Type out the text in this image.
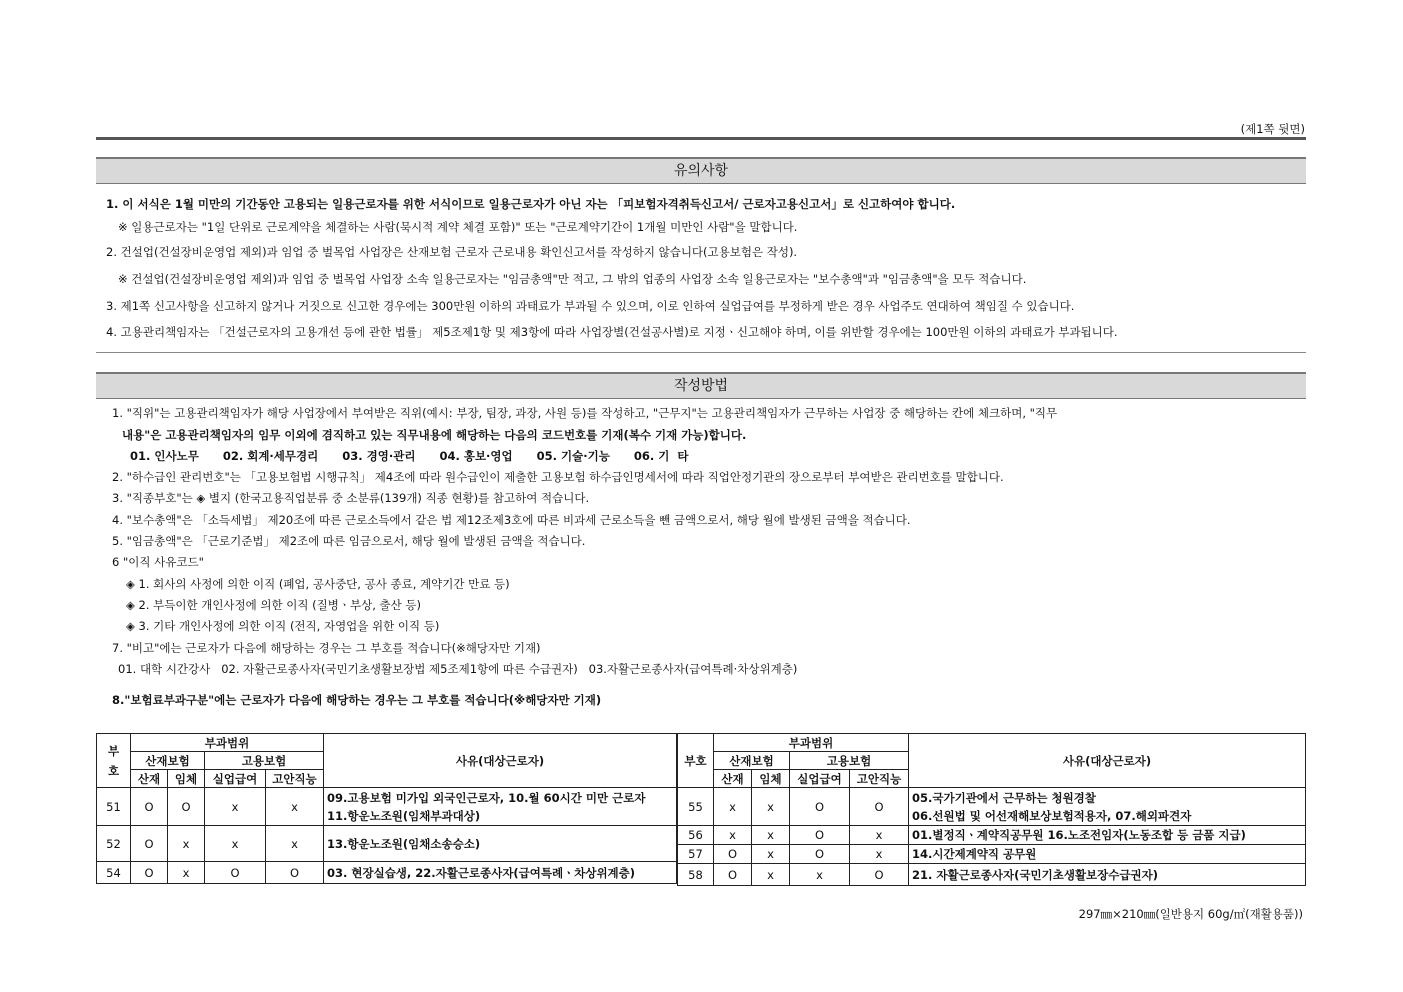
(제1쪽 뒷면)
유의사항
1. 이 서식은 1월 미만의 기간동안 고용되는 일용근로자를 위한 서식이므로 일용근로자가 아닌 자는 「피보험자격취득신고서/ 근로자고용신고서」로 신고하여야 합니다.
※ 일용근로자는 "1일 단위로 근로계약을 체결하는 사람(묵시적 계약 체결 포함)" 또는 "근로계약기간이 1개월 미만인 사람"을 말합니다.
2. 건설업(건설장비운영업 제외)과 임업 중 벌목업 사업장은 산재보험 근로자 근로내용 확인신고서를 작성하지 않습니다(고용보험은 작성).
※ 건설업(건설장비운영업 제외)과 임업 중 벌목업 사업장 소속 일용근로자는 "임금총액"만 적고, 그 밖의 업종의 사업장 소속 일용근로자는 "보수총액"과 "임금총액"을 모두 적습니다.
3. 제1쪽 신고사항을 신고하지 않거나 거짓으로 신고한 경우에는 300만원 이하의 과태료가 부과될 수 있으며, 이로 인하여 실업급여를 부정하게 받은 경우 사업주도 연대하여 책임질 수 있습니다.
4. 고용관리책임자는 「건설근로자의 고용개선 등에 관한 법률」 제5조제1항 및 제3항에 따라 사업장별(건설공사별)로 지정ㆍ신고해야 하며, 이를 위반할 경우에는 100만원 이하의 과태료가 부과됩니다.
작성방법
1. "직위"는 고용관리책임자가 해당 사업장에서 부여받은 직위(예시: 부장, 팀장, 과장, 사원 등)를 작성하고, "근무지"는 고용관리책임자가 근무하는 사업장 중 해당하는 칸에 체크하며, "직무
내용"은 고용관리책임자의 임무 이외에 겸직하고 있는 직무내용에 해당하는 다음의 코드번호를 기재(복수 기재 가능)합니다.
01. 인사노무      02. 회계·세무경리      03. 경영·관리      04. 홍보·영업      05. 기술·기능      06. 기  타
2. "하수급인 관리번호"는 「고용보험법 시행규칙」 제4조에 따라 원수급인이 제출한 고용보험 하수급인명세서에 따라 직업안정기관의 장으로부터 부여받은 관리번호를 말합니다.
3. "직종부호"는 ◈ 별지 (한국고용직업분류 중 소분류(139개) 직종 현황)를 참고하여 적습니다.
4. "보수총액"은 「소득세법」 제20조에 따른 근로소득에서 같은 법 제12조제3호에 따른 비과세 근로소득을 뺀 금액으로서, 해당 월에 발생된 금액을 적습니다.
5. "임금총액"은 「근로기준법」 제2조에 따른 임금으로서, 해당 월에 발생된 금액을 적습니다.
6 "이직 사유코드"
◈ 1. 회사의 사정에 의한 이직 (폐업, 공사중단, 공사 종료, 계약기간 만료 등)
◈ 2. 부득이한 개인사정에 의한 이직 (질병ㆍ부상, 출산 등)
◈ 3. 기타 개인사정에 의한 이직 (전직, 자영업을 위한 이직 등)
7. "비고"에는 근로자가 다음에 해당하는 경우는 그 부호를 적습니다(※해당자만 기재)
01. 대학 시간강사   02. 자활근로종사자(국민기초생활보장법 제5조제1항에 따른 수급권자)   03.자활근로종사자(급여특례·차상위계층)
8."보험료부과구분"에는 근로자가 다음에 해당하는 경우는 그 부호를 적습니다(※해당자만 기재)
부
호	부과범위				사유(대상근로자)
	산재보험		고용보험		
	산재	임체	실업급여	고안직능	
51	O	O	x	x	09.고용보험 미가입 외국인근로자, 10.월 60시간 미만 근로자
11.항운노조원(임채부과대상)

52	O	x	x	x	13.항운노조원(임채소송승소)

54	O	x	O	O	03. 현장실습생, 22.자활근로종사자(급여특례ㆍ차상위계층)
부호	부과범위				사유(대상근로자)
	산재보험		고용보험		
	산재	임체	실업급여	고안직능	
55	x	x	O	O	05.국가기관에서 근무하는 청원경찰
06.선원법 및 어선재해보상보험적용자, 07.해외파견자

56	x	x	O	x	01.별정직ㆍ계약직공무원 16.노조전임자(노동조합 등 금품 지급)

57	O	x	O	x	14.시간제계약직 공무원

58	O	x	x	O	21. 자활근로종사자(국민기초생활보장수급권자)
297㎜×210㎜(일반용지 60g/㎡(재활용품))
